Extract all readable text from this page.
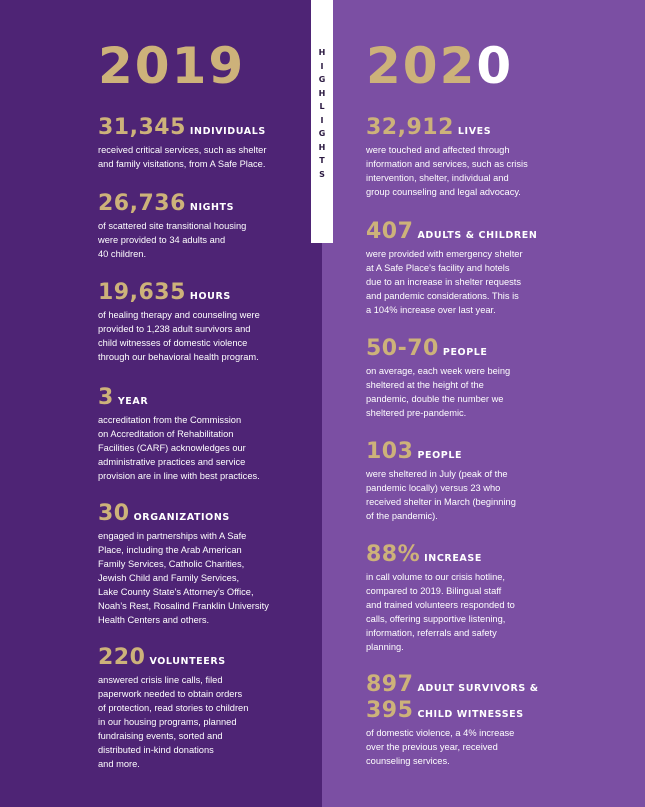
2019 2020
H
I
G
H
L
I
G
H
T
S
31,345 INDIVIDUALS
received critical services, such as shelter
and family visitations, from A Safe Place.
26,736 NIGHTS
of scattered site transitional housing
were provided to 34 adults and
40 children.
19,635 HOURS
of healing therapy and counseling were
provided to 1,238 adult survivors and
child witnesses of domestic violence
through our behavioral health program.
3 YEAR
accreditation from the Commission
on Accreditation of Rehabilitation
Facilities (CARF) acknowledges our
administrative practices and service
provision are in line with best practices.
30 ORGANIZATIONS
engaged in partnerships with A Safe
Place, including the Arab American
Family Services, Catholic Charities,
Jewish Child and Family Services,
Lake County State’s Attorney’s Office,
Noah’s Rest, Rosalind Franklin University
Health Centers and others.
220 VOLUNTEERS
answered crisis line calls, filed
paperwork needed to obtain orders
of protection, read stories to children
in our housing programs, planned
fundraising events, sorted and
distributed in-kind donations
and more.
32,912 LIVES
were touched and affected through
information and services, such as crisis
intervention, shelter, individual and
group counseling and legal advocacy.
407 ADULTS & CHILDREN
were provided with emergency shelter
at A Safe Place’s facility and hotels
due to an increase in shelter requests
and pandemic considerations. This is
a 104% increase over last year.
50-70 PEOPLE
on average, each week were being
sheltered at the height of the
pandemic, double the number we
sheltered pre-pandemic.
103 PEOPLE
were sheltered in July (peak of the
pandemic locally) versus 23 who
received shelter in March (beginning
of the pandemic).
88% INCREASE
in call volume to our crisis hotline,
compared to 2019. Bilingual staff
and trained volunteers responded to
calls, offering supportive listening,
information, referrals and safety
planning.
897 ADULT SURVIVORS &
395 CHILD WITNESSES
of domestic violence, a 4% increase
over the previous year, received
counseling services.
